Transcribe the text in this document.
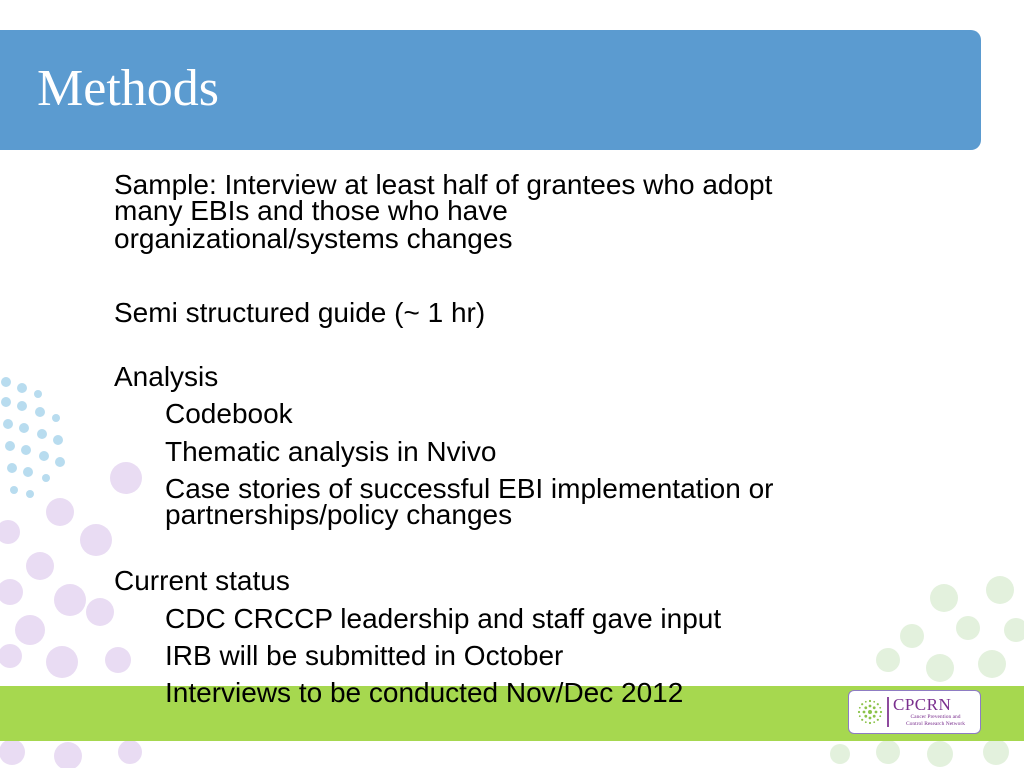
Methods

Sample: Interview at least half of grantees who adopt

many EBIs and those who have

organizational/systems changes

Semi structured guide (~ 1 hr)

Analysis

Codebook

Thematic analysis in Nvivo

Case stories of successful EBI implementation or

partnerships/policy changes

Current status

CDC CRCCP leadership and staff gave input

IRB will be submitted in October

Interviews to be conducted Nov/Dec 2012	CPCRN
Cancer Prevention and
Control Research Network
